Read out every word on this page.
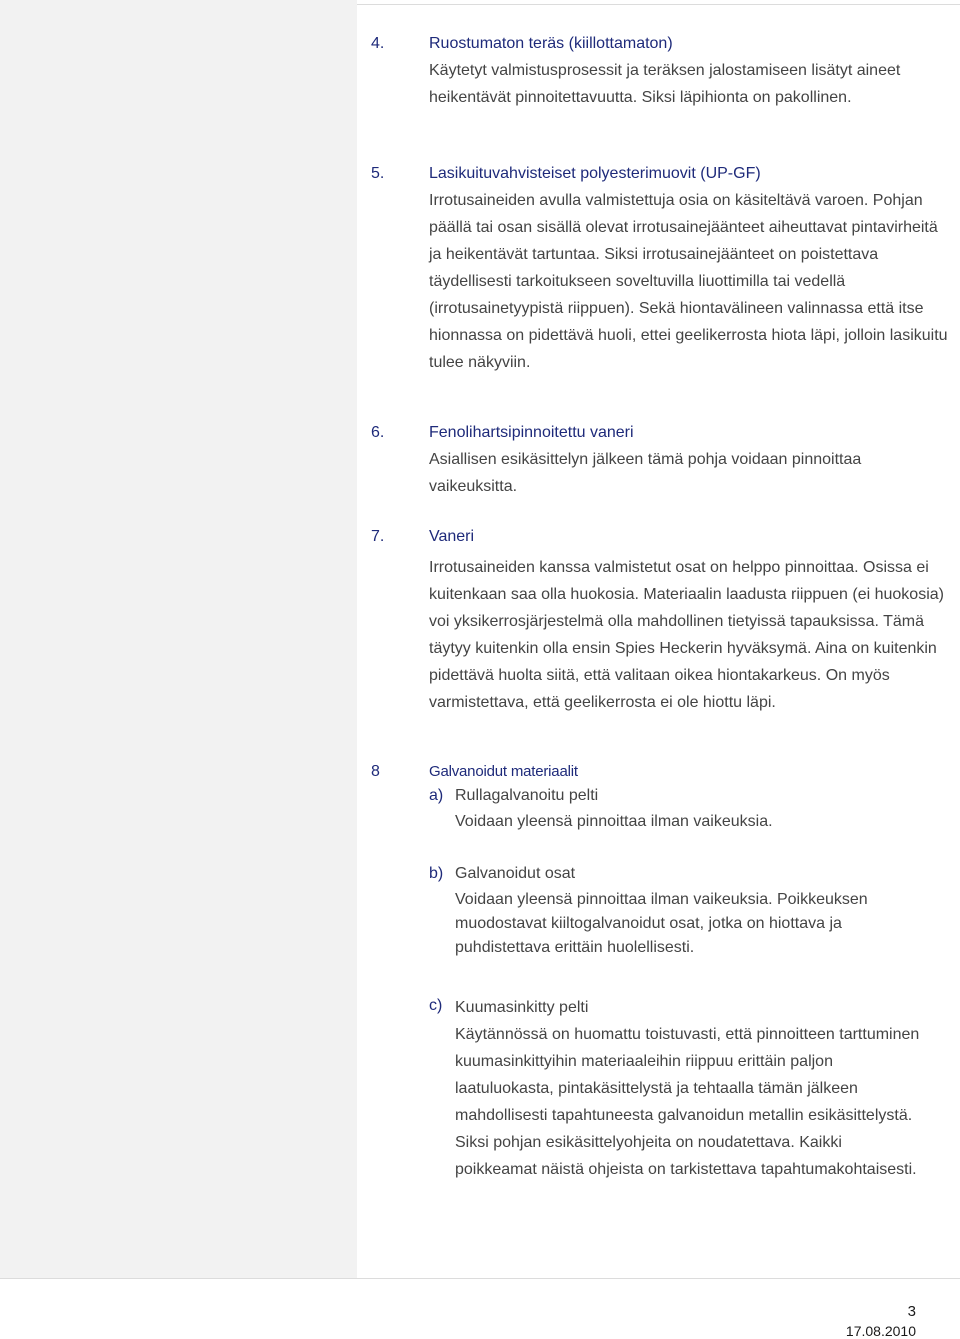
4.	Ruostumaton teräs (kiillottamaton)

Käytetyt valmistusprosessit ja teräksen jalostamiseen lisätyt aineet heikentävät pinnoitettavuutta. Siksi läpihionta on pakollinen.

5.	Lasikuituvahvisteiset polyesterimuovit (UP-GF)

Irrotusaineiden avulla valmistettuja osia on käsiteltävä varoen. Pohjan päällä tai osan sisällä olevat irrotusainejäänteet aiheuttavat pintavirheitä ja heikentävät tartuntaa. Siksi irrotusainejäänteet on poistettava täydellisesti tarkoitukseen soveltuvilla liuottimilla tai vedellä (irrotusainetyypistä riippuen). Sekä hiontavälineen valinnassa että itse hionnassa on pidettävä huoli, ettei geelikerrosta hiota läpi, jolloin lasikuitu tulee näkyviin.

6.	Fenolihartsipinnoitettu vaneri

Asiallisen esikäsittelyn jälkeen tämä pohja voidaan pinnoittaa vaikeuksitta.

7.	Vaneri

Irrotusaineiden kanssa valmistetut osat on helppo pinnoittaa. Osissa ei kuitenkaan saa olla huokosia. Materiaalin laadusta riippuen (ei huokosia) voi yksikerrosjärjestelmä olla mahdollinen tietyissä tapauksissa. Tämä täytyy kuitenkin olla ensin Spies Heckerin hyväksymä. Aina on kuitenkin pidettävä huolta siitä, että valitaan oikea hiontakarkeus. On myös varmistettava, että geelikerrosta ei ole hiottu läpi.

8	Galvanoidut materiaalit

a) Rullagalvanoitu pelti

Voidaan yleensä pinnoittaa ilman vaikeuksia.

b) Galvanoidut osat

Voidaan yleensä pinnoittaa ilman vaikeuksia. Poikkeuksen muodostavat kiiltogalvanoidut osat, jotka on hiottava ja puhdistettava erittäin huolellisesti.

c) Kuumasinkitty pelti

Käytännössä on huomattu toistuvasti, että pinnoitteen tarttuminen kuumasinkittyihin materiaaleihin riippuu erittäin paljon laatuluokasta, pintakäsittelystä ja tehtaalla tämän jälkeen mahdollisesti tapahtuneesta galvanoidun metallin esikäsittelystä. Siksi pohjan esikäsittelyohjeita on noudatettava. Kaikki poikkeamat näistä ohjeista on tarkistettava tapahtumakohtaisesti.

3
17.08.2010
